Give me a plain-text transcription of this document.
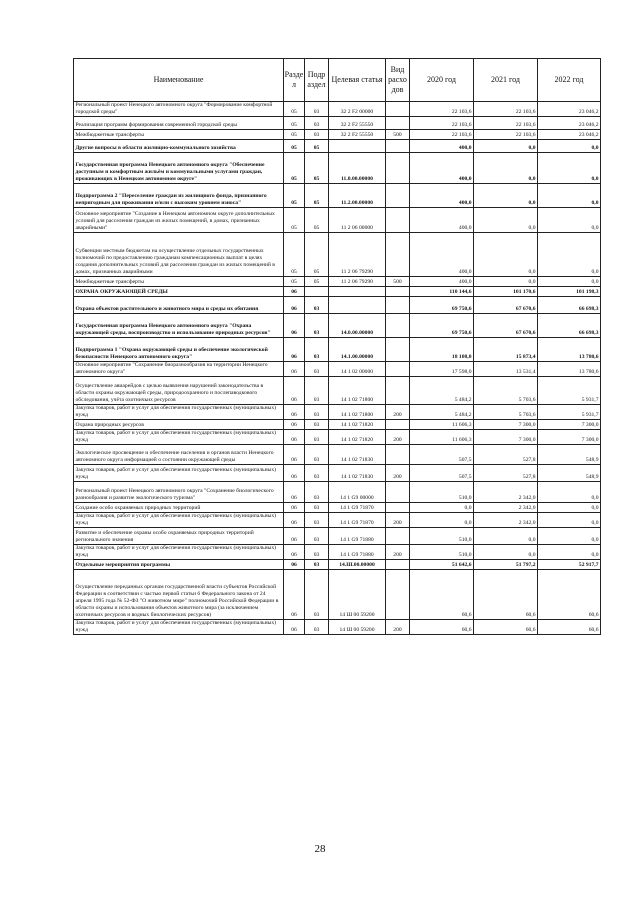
Наименование	Разде л	Подр аздел	Целевая статья	Вид расхо дов	2020 год	2021 год	2022 год
Региональный проект Ненецкого автономного округа "Формирование комфортной городской среды"	05	03	32 2 F2 00000		22 103,6	22 103,6	23 046,2
Реализация программ формирования современной городской среды	05	03	32 2 F2 55550		22 103,6	22 103,6	23 046,2
Межбюджетные трансферты	05	03	32 2 F2 55550	500	22 103,6	22 103,6	23 046,2
Другие вопросы в области жилищно-коммунального хозяйства	05	05			400,0	0,0	0,0
Государственная программа Ненецкого автономного округа "Обеспечение доступным и комфортным жильём и коммунальными услугами граждан, проживающих в Ненецком автономном округе"	05	05	11.0.00.00000		400,0	0,0	0,0
Подпрограмма 2 "Переселение граждан из жилищного фонда, признанного непригодным для проживания и/или с высоким уровнем износа"	05	05	11.2.00.00000		400,0	0,0	0,0
Основное мероприятие "Создание в Ненецком автономном округе дополнительных условий для расселения граждан из жилых помещений, в домах, признанных аварийными"	05	05	11 2 06 00000		400,0	0,0	0,0
Субвенции местным бюджетам на осуществление отдельных государственных полномочий по предоставлению гражданам компенсационных выплат в целях создания дополнительных условий для расселения граждан из жилых помещений в домах, признанных аварийными	05	05	11 2 06 79290		400,0	0,0	0,0
Межбюджетные трансферты	05	05	11 2 06 79290	500	400,0	0,0	0,0
ОХРАНА ОКРУЖАЮЩЕЙ СРЕДЫ	06				110 144,6	101 170,6	101 198,3
Охрана объектов растительного и животного мира и среды их обитания	06	03			69 750,6	67 670,6	66 698,3
Государственная программа Ненецкого автономного округа "Охрана окружающей среды, воспроизводство и использование природных ресурсов"	06	03	14.0.00.00000		69 750,6	67 670,6	66 698,3
Подпрограмма 1 "Охрана окружающей среды и обеспечение экологической безопасности Ненецкого автономного округа"	06	03	14.1.00.00000		18 108,0	15 873,4	13 780,6
Основное мероприятие "Сохранение биоразнообразия на территории Ненецкого автономного округа"	06	03	14 1 02 00000		17 598,0	13 531,4	13 780,6
Осуществление авиарейдов с целью выявления нарушений законодательства в области охраны окружающей среды, природоохранного и послепаводкового обследования, учёта охотничьих ресурсов	06	03	14 1 02 71800		5 484,2	5 703,6	5 931,7
Закупка товаров, работ и услуг для обеспечения государственных (муниципальных) нужд	06	03	14 1 02 71800	200	5 484,2	5 703,6	5 931,7
Охрана природных ресурсов	06	03	14 1 02 71820		11 606,3	7 300,0	7 300,0
Закупка товаров, работ и услуг для обеспечения государственных (муниципальных) нужд	06	03	14 1 02 71820	200	11 606,3	7 300,0	7 300,0
Экологическое просвещение и обеспечение населения и органов власти Ненецкого автономного округа информацией о состоянии окружающей среды	06	03	14 1 02 71830		507,5	527,8	548,9
Закупка товаров, работ и услуг для обеспечения государственных (муниципальных) нужд	06	03	14 1 02 71830	200	507,5	527,8	548,9
Региональный проект Ненецкого автономного округа "Сохранение биологического разнообразия и развитие экологического туризма"	06	03	14 1 G9 00000		510,0	2 342,0	0,0
Создание особо охраняемых природных территорий	06	03	14 1 G9 71870		0,0	2 342,0	0,0
Закупка товаров, работ и услуг для обеспечения государственных (муниципальных) нужд	06	03	14 1 G9 71870	200	0,0	2 342,0	0,0
Развитие и обеспечение охраны особо охраняемых природных территорий регионального значения	06	03	14 1 G9 71880		510,0	0,0	0,0
Закупка товаров, работ и услуг для обеспечения государственных (муниципальных) нужд	06	03	14 1 G9 71880	200	510,0	0,0	0,0
Отдельные мероприятия программы	06	03	14.Ш.00.00000		51 642,6	51 797,2	52 917,7
Осуществление переданных органам государственной власти субъектов Российской Федерации в соответствии с частью первой статьи 6 Федерального закона от 24 апреля 1995 года № 52-ФЗ "О животном мире" полномочий Российской Федерации в области охраны и использования объектов животного мира (за исключением охотничьих ресурсов и водных биологических ресурсов)	06	03	14 Ш 00 59200		60,6	60,6	60,6
Закупка товаров, работ и услуг для обеспечения государственных (муниципальных) нужд	06	03	14 Ш 00 59200	200	60,6	60,6	60,6
28
